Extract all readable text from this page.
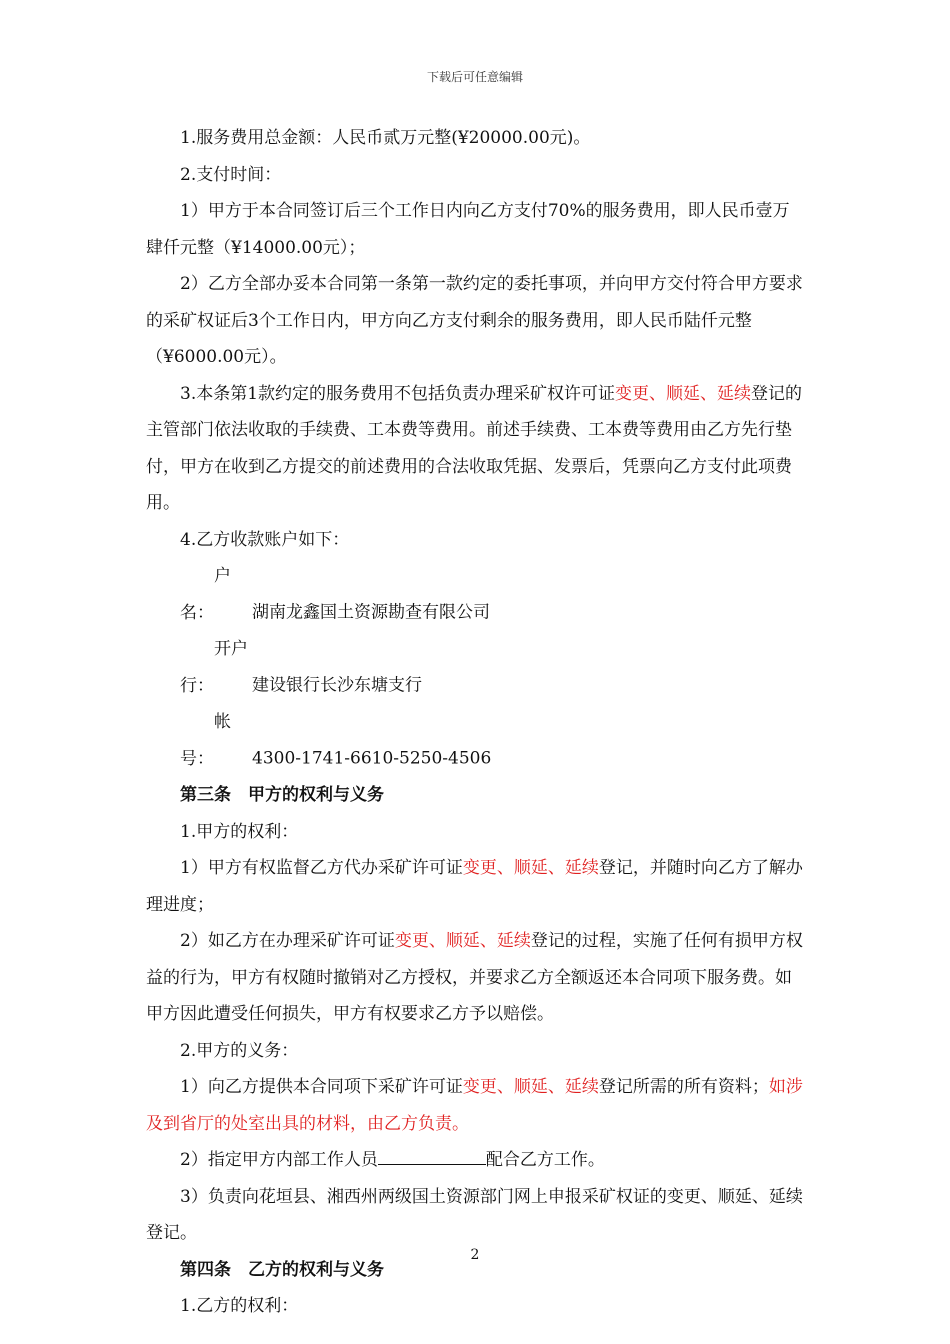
下载后可任意编辑

1.服务费用总金额：人民币贰万元整(¥20000.00元)。

2.支付时间：

1）甲方于本合同签订后三个工作日内向乙方支付70%的服务费用，即人民币壹万肆仟元整（¥14000.00元）；

2）乙方全部办妥本合同第一条第一款约定的委托事项，并向甲方交付符合甲方要求的采矿权证后3个工作日内，甲方向乙方支付剩余的服务费用，即人民币陆仟元整（¥6000.00元）。

3.本条第1款约定的服务费用不包括负责办理采矿权许可证变更、顺延、延续登记的主管部门依法收取的手续费、工本费等费用。前述手续费、工本费等费用由乙方先行垫付，甲方在收到乙方提交的前述费用的合法收取凭据、发票后，凭票向乙方支付此项费用。

4.乙方收款账户如下：

户　名： 湖南龙鑫国土资源勘查有限公司

开户行： 建设银行长沙东塘支行

帐　号： 4300-1741-6610-5250-4506

第三条　甲方的权利与义务

1.甲方的权利：

1）甲方有权监督乙方代办采矿许可证变更、顺延、延续登记，并随时向乙方了解办理进度；

2）如乙方在办理采矿许可证变更、顺延、延续登记的过程，实施了任何有损甲方权益的行为，甲方有权随时撤销对乙方授权，并要求乙方全额返还本合同项下服务费。如甲方因此遭受任何损失，甲方有权要求乙方予以赔偿。

2.甲方的义务：

1）向乙方提供本合同项下采矿许可证变更、顺延、延续登记所需的所有资料；如涉及到省厅的处室出具的材料，由乙方负责。

2）指定甲方内部工作人员	配合乙方工作。

3）负责向花垣县、湘西州两级国土资源部门网上申报采矿权证的变更、顺延、延续登记。

第四条　乙方的权利与义务

1.乙方的权利：

2
